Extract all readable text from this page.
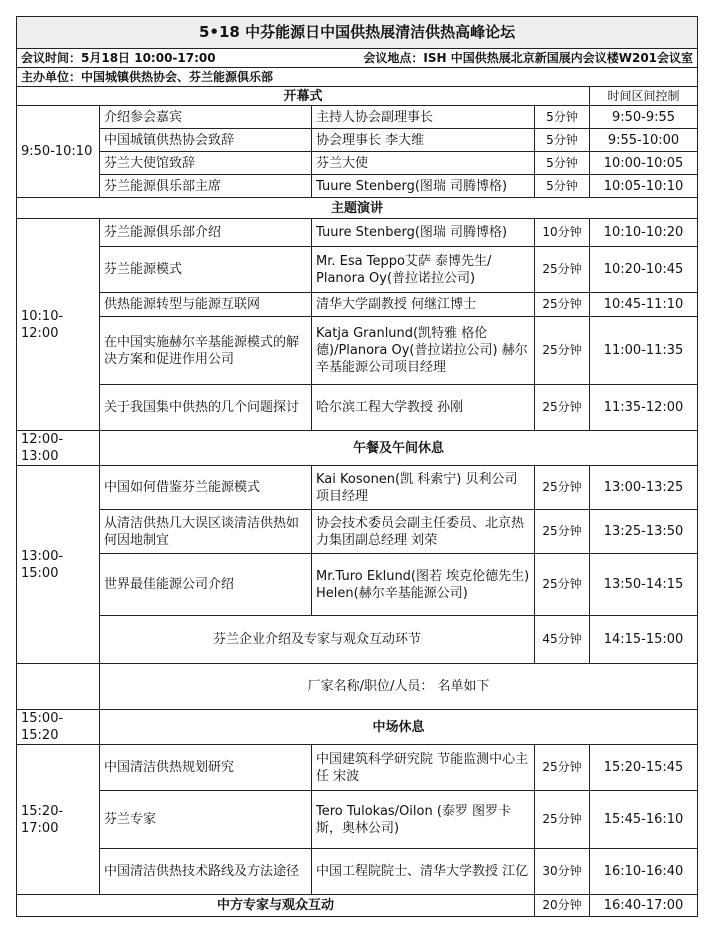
5•18 中芬能源日中国供热展清洁供热高峰论坛				

会议时间：5月18日 10:00-17:00 会议地点：ISH 中国供热展北京新国展内会议楼W201会议室				

主办单位：中国城镇供热协会、芬兰能源俱乐部				
开幕式				时间区间控制
9:50-10:10	介绍参会嘉宾	主持人协会副理事长	5分钟	9:50-9:55
	中国城镇供热协会致辞	协会理事长 李大维	5分钟	9:55-10:00
	芬兰大使馆致辞	芬兰大使	5分钟	10:00-10:05
	芬兰能源俱乐部主席	Tuure Stenberg(图瑞 司腾博格)	5分钟	10:05-10:10
主题演讲				
10:10-12:00	芬兰能源俱乐部介绍	Tuure Stenberg(图瑞 司腾博格)	10分钟	10:10-10:20
	芬兰能源模式	Mr. Esa Teppo艾萨 泰博先生/ Planora Oy(普拉诺拉公司)	25分钟	10:20-10:45
	供热能源转型与能源互联网	清华大学副教授 何继江博士	25分钟	10:45-11:10
	在中国实施赫尔辛基能源模式的解决方案和促进作用公司	Katja Granlund(凯特雅 格伦德)/Planora Oy(普拉诺拉公司) 赫尔辛基能源公司项目经理	25分钟	11:00-11:35
	关于我国集中供热的几个问题探讨	哈尔滨工程大学教授 孙刚	25分钟	11:35-12:00
12:00-13:00	午餐及午间休息			
13:00-15:00	中国如何借鉴芬兰能源模式	Kai Kosonen(凯 科索宁) 贝利公司 项目经理	25分钟	13:00-13:25
	从清洁供热几大误区谈清洁供热如何因地制宜	协会技术委员会副主任委员、北京热力集团副总经理 刘荣	25分钟	13:25-13:50
	世界最佳能源公司介绍	Mr.Turo Eklund(图若 埃克伦德先生)
Helen(赫尔辛基能源公司)	25分钟	13:50-14:15
	芬兰企业介绍及专家与观众互动环节		45分钟	14:15-15:00
	厂家名称/职位/人员： 名单如下			
15:00-15:20	中场休息			
15:20-17:00	中国清洁供热规划研究	中国建筑科学研究院 节能监测中心主任 宋波	25分钟	15:20-15:45
	芬兰专家	Tero Tulokas/Oilon (泰罗 图罗卡斯，奥林公司)	25分钟	15:45-16:10
	中国清洁供热技术路线及方法途径	中国工程院院士、清华大学教授 江亿	30分钟	16:10-16:40
中方专家与观众互动			20分钟	16:40-17:00
